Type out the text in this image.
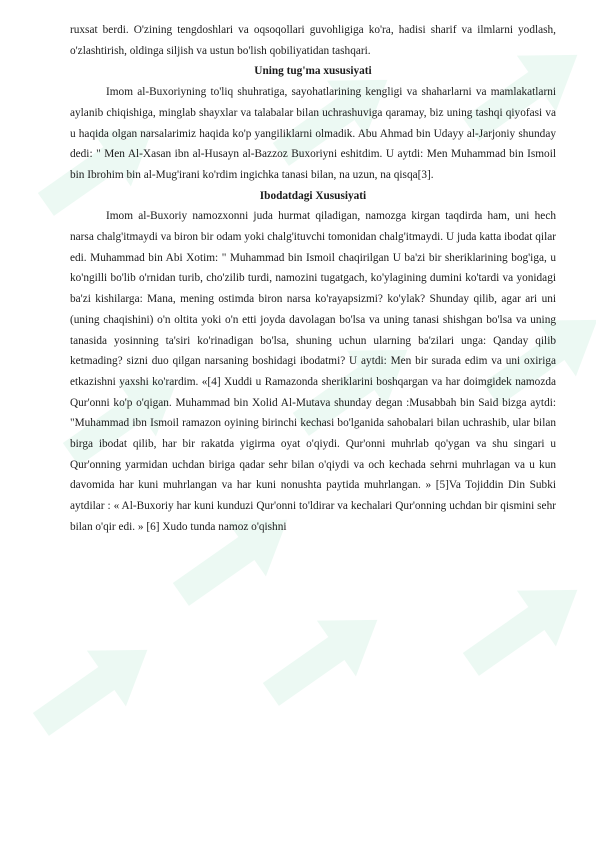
ruxsat berdi. O'zining tengdoshlari va oqsoqollari guvohligiga ko'ra, hadisi sharif va ilmlarni yodlash, o'zlashtirish, oldinga siljish va ustun bo'lish qobiliyatidan tashqari.

Uning tug'ma xususiyati

Imom al-Buxoriyning to'liq shuhratiga, sayohatlarining kengligi va shaharlarni va mamlakatlarni aylanib chiqishiga, minglab shayxlar va talabalar bilan uchrashuviga qaramay, biz uning tashqi qiyofasi va u haqida olgan narsalarimiz haqida ko'p yangiliklarni olmadik. Abu Ahmad bin Udayy al-Jarjoniy shunday dedi: " Men Al-Xasan ibn al-Husayn al-Bazzoz Buxoriyni eshitdim. U aytdi: Men Muhammad bin Ismoil bin Ibrohim bin al-Mug'irani ko'rdim ingichka tanasi bilan, na uzun, na qisqa[3].

Ibodatdagi Xususiyati

Imom al-Buxoriy namozxonni juda hurmat qiladigan, namozga kirgan taqdirda ham, uni hech narsa chalg'itmaydi va biron bir odam yoki chalg'ituvchi tomonidan chalg'itmaydi. U juda katta ibodat qilar edi. Muhammad bin Abi Xotim: " Muhammad bin Ismoil chaqirilgan U ba'zi bir sheriklarining bog'iga, u ko'ngilli bo'lib o'rnidan turib, cho'zilib turdi, namozini tugatgach, ko'ylagining dumini ko'tardi va yonidagi ba'zi kishilarga: Mana, mening ostimda biron narsa ko'rayapsizmi? ko'ylak? Shunday qilib, agar ari uni (uning chaqishini) o'n oltita yoki o'n etti joyda davolagan bo'lsa va uning tanasi shishgan bo'lsa va uning tanasida yosinning ta'siri ko'rinadigan bo'lsa, shuning uchun ularning ba'zilari unga: Qanday qilib ketmading? sizni duo qilgan narsaning boshidagi ibodatmi? U aytdi: Men bir surada edim va uni oxiriga etkazishni yaxshi ko'rardim. «[4] Xuddi u Ramazonda sheriklarini boshqargan va har doimgidek namozda Qur'onni ko'p o'qigan. Muhammad bin Xolid Al-Mutava shunday degan :Musabbah bin Said bizga aytdi: "Muhammad ibn Ismoil ramazon oyining birinchi kechasi bo'lganida sahobalari bilan uchrashib, ular bilan birga ibodat qilib, har bir rakatda yigirma oyat o'qiydi. Qur'onni muhrlab qo'ygan va shu singari u Qur'onning yarmidan uchdan biriga qadar sehr bilan o'qiydi va och kechada sehrni muhrlagan va u kun davomida har kuni muhrlangan va har kuni nonushta paytida muhrlangan. » [5]Va Tojiddin Din Subki aytdilar : « Al-Buxoriy har kuni kunduzi Qur'onni to'ldirar va kechalari Qur'onning uchdan bir qismini sehr bilan o'qir edi. » [6] Xudo tunda namoz o'qishni
